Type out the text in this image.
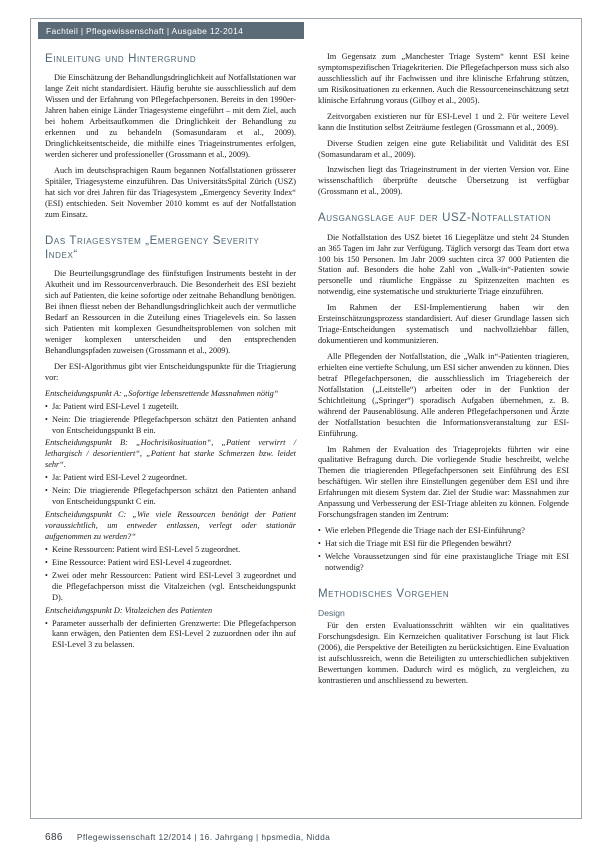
Fachteil | Pflegewissenschaft | Ausgabe 12-2014
Einleitung und Hintergrund

Die Einschätzung der Behandlungsdringlichkeit auf Notfallstationen war lange Zeit nicht standardisiert. Häufig beruhte sie ausschliesslich auf dem Wissen und der Erfahrung von Pflegefachpersonen. Bereits in den 1990er-Jahren haben einige Länder Triagesysteme eingeführt – mit dem Ziel, auch bei hohem Arbeitsaufkommen die Dringlichkeit der Behandlung zu erkennen und zu behandeln (Somasundaram et al., 2009). Dringlichkeitsentscheide, die mithilfe eines Triageinstrumentes erfolgen, werden sicherer und professioneller (Grossmann et al., 2009).

Auch im deutschsprachigen Raum begannen Notfallstationen grösserer Spitäler, Triagesysteme einzuführen. Das UniversitätsSpital Zürich (USZ) hat sich vor drei Jahren für das Triagesystem „Emergency Severity Index“ (ESI) entschieden. Seit November 2010 kommt es auf der Notfallstation zum Einsatz.

Das Triagesystem „Emergency Severity Index“

Die Beurteilungsgrundlage des fünfstufigen Instruments besteht in der Akutheit und im Ressourcenverbrauch. Die Besonderheit des ESI bezieht sich auf Patienten, die keine sofortige oder zeitnahe Behandlung benötigen. Bei ihnen fliesst neben der Behandlungsdringlichkeit auch der vermutliche Bedarf an Ressourcen in die Zuteilung eines Triagelevels ein. So lassen sich Patienten mit komplexen Gesundheitsproblemen von solchen mit weniger komplexen unterscheiden und den entsprechenden Behandlungspfaden zuweisen (Grossmann et al., 2009).

Der ESI-Algorithmus gibt vier Entscheidungspunkte für die Triagierung vor:

Entscheidungspunkt A: „Sofortige lebensrettende Massnahmen nötig“

• Ja: Patient wird ESI-Level 1 zugeteilt.

• Nein: Die triagierende Pflegefachperson schätzt den Patienten anhand von Entscheidungspunkt B ein.

Entscheidungspunkt B: „Hochrisikosituation“, „Patient verwirrt / lethargisch / desorientiert“, „Patient hat starke Schmerzen bzw. leidet sehr“.

• Ja: Patient wird ESI-Level 2 zugeordnet.

• Nein: Die triagierende Pflegefachperson schätzt den Patienten anhand von Entscheidungspunkt C ein.

Entscheidungspunkt C: „Wie viele Ressourcen benötigt der Patient voraussichtlich, um entweder entlassen, verlegt oder stationär aufgenommen zu werden?“

• Keine Ressourcen: Patient wird ESI-Level 5 zugeordnet.

• Eine Ressource: Patient wird ESI-Level 4 zugeordnet.

• Zwei oder mehr Ressourcen: Patient wird ESI-Level 3 zugeordnet und die Pflegefachperson misst die Vitalzeichen (vgl. Entscheidungspunkt D).

Entscheidungspunkt D: Vitalzeichen des Patienten

• Parameter ausserhalb der definierten Grenzwerte: Die Pflegefachperson kann erwägen, den Patienten dem ESI-Level 2 zuzuordnen oder ihn auf ESI-Level 3 zu belassen.

Im Gegensatz zum „Manchester Triage System“ kennt ESI keine symptomspezifischen Triagekriterien. Die Pflegefachperson muss sich also ausschliesslich auf ihr Fachwissen und ihre klinische Erfahrung stützen, um Risikosituationen zu erkennen. Auch die Ressourceneinschätzung setzt klinische Erfahrung voraus (Gilboy et al., 2005).

Zeitvorgaben existieren nur für ESI-Level 1 und 2. Für weitere Level kann die Institution selbst Zeiträume festlegen (Grossmann et al., 2009).

Diverse Studien zeigen eine gute Reliabilität und Validität des ESI (Somasundaram et al., 2009).

Inzwischen liegt das Triageinstrument in der vierten Version vor. Eine wissenschaftlich überprüfte deutsche Übersetzung ist verfügbar (Grossmann et al., 2009).

Ausgangslage auf der USZ-Notfallstation

Die Notfallstation des USZ bietet 16 Liegeplätze und steht 24 Stunden an 365 Tagen im Jahr zur Verfügung. Täglich versorgt das Team dort etwa 100 bis 150 Personen. Im Jahr 2009 suchten circa 37 000 Patienten die Station auf. Besonders die hohe Zahl von „Walk-in“-Patienten sowie personelle und räumliche Engpässe zu Spitzenzeiten machten es notwendig, eine systematische und strukturierte Triage einzuführen.

Im Rahmen der ESI-Implementierung haben wir den Ersteinschätzungsprozess standardisiert. Auf dieser Grundlage lassen sich Triage-Entscheidungen systematisch und nachvollziehbar fällen, dokumentieren und kommunizieren.

Alle Pflegenden der Notfallstation, die „Walk in“-Patienten triagieren, erhielten eine vertiefte Schulung, um ESI sicher anwenden zu können. Dies betraf Pflegefachpersonen, die ausschliesslich im Triagebereich der Notfallstation („Leitstelle“) arbeiten oder in der Funktion der Schichtleitung („Springer“) sporadisch Aufgaben übernehmen, z. B. während der Pausenablösung. Alle anderen Pflegefachpersonen und Ärzte der Notfallstation besuchten die Informationsveranstaltung zur ESI-Einführung.

Im Rahmen der Evaluation des Triageprojekts führten wir eine qualitative Befragung durch. Die vorliegende Studie beschreibt, welche Themen die triagierenden Pflegefachpersonen seit Einführung des ESI beschäftigen. Wir stellen ihre Einstellungen gegenüber dem ESI und ihre Erfahrungen mit diesem System dar. Ziel der Studie war: Massnahmen zur Anpassung und Verbesserung der ESI-Triage ableiten zu können. Folgende Forschungsfragen standen im Zentrum:

• Wie erleben Pflegende die Triage nach der ESI-Einführung?

• Hat sich die Triage mit ESI für die Pflegenden bewährt?

• Welche Voraussetzungen sind für eine praxistaugliche Triage mit ESI notwendig?

Methodisches Vorgehen
Design

Für den ersten Evaluationsschritt wählten wir ein qualitatives Forschungsdesign. Ein Kernzeichen qualitativer Forschung ist laut Flick (2006), die Perspektive der Beteiligten zu berücksichtigen. Eine Evaluation ist aufschlussreich, wenn die Beteiligten zu unterschiedlichen subjektiven Bewertungen kommen. Dadurch wird es möglich, zu vergleichen, zu kontrastieren und anschliessend zu bewerten.

686 Pflegewissenschaft 12/2014 | 16. Jahrgang | hpsmedia, Nidda
